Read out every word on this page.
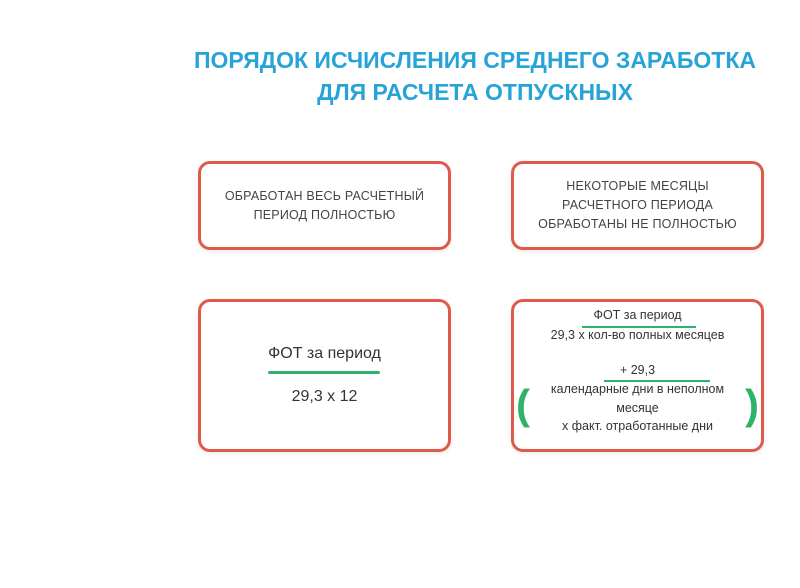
ПОРЯДОК ИСЧИСЛЕНИЯ СРЕДНЕГО ЗАРАБОТКА
ДЛЯ РАСЧЕТА ОТПУСКНЫХ
ОБРАБОТАН ВЕСЬ РАСЧЕТНЫЙ
ПЕРИОД ПОЛНОСТЬЮ
НЕКОТОРЫЕ МЕСЯЦЫ
РАСЧЕТНОГО ПЕРИОДА
ОБРАБОТАНЫ НЕ ПОЛНОСТЬЮ
$\frac{\text{ФОТ за период}}{29,3 х 12}$
ФОТ за период
29,3 х кол-во полных месяцев
+ 29,3
календарные дни в неполном
месяце
х факт. отработанные дни
(	)
